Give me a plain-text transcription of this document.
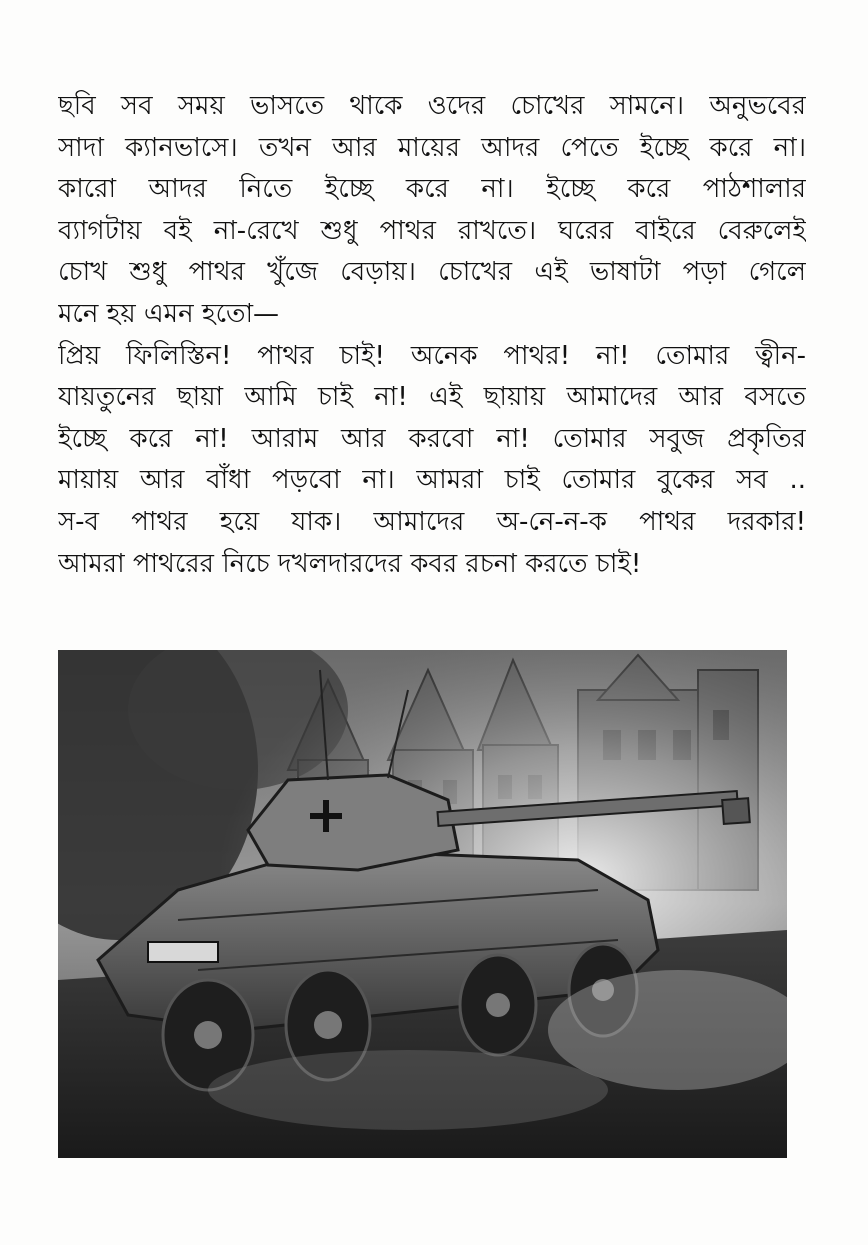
ছবি সব সময় ভাসতে থাকে ওদের চোখের সামনে। অনুভবের
সাদা ক্যানভাসে। তখন আর মায়ের আদর পেতে ইচ্ছে করে না।
কারো আদর নিতে ইচ্ছে করে না। ইচ্ছে করে পাঠশালার
ব্যাগটায় বই না-রেখে শুধু পাথর রাখতে। ঘরের বাইরে বেরুলেই
চোখ শুধু পাথর খুঁজে বেড়ায়। চোখের এই ভাষাটা পড়া গেলে
মনে হয় এমন হতো—
প্রিয় ফিলিস্তিন! পাথর চাই! অনেক পাথর! না! তোমার ত্বীন-
যায়তুনের ছায়া আমি চাই না! এই ছায়ায় আমাদের আর বসতে
ইচ্ছে করে না! আরাম আর করবো না! তোমার সবুজ প্রকৃতির
মায়ায় আর বাঁধা পড়বো না। আমরা চাই তোমার বুকের সব ..
স-ব পাথর হয়ে যাক। আমাদের অ-নে-ন-ক পাথর দরকার!
আমরা পাথরের নিচে দখলদারদের কবর রচনা করতে চাই!
